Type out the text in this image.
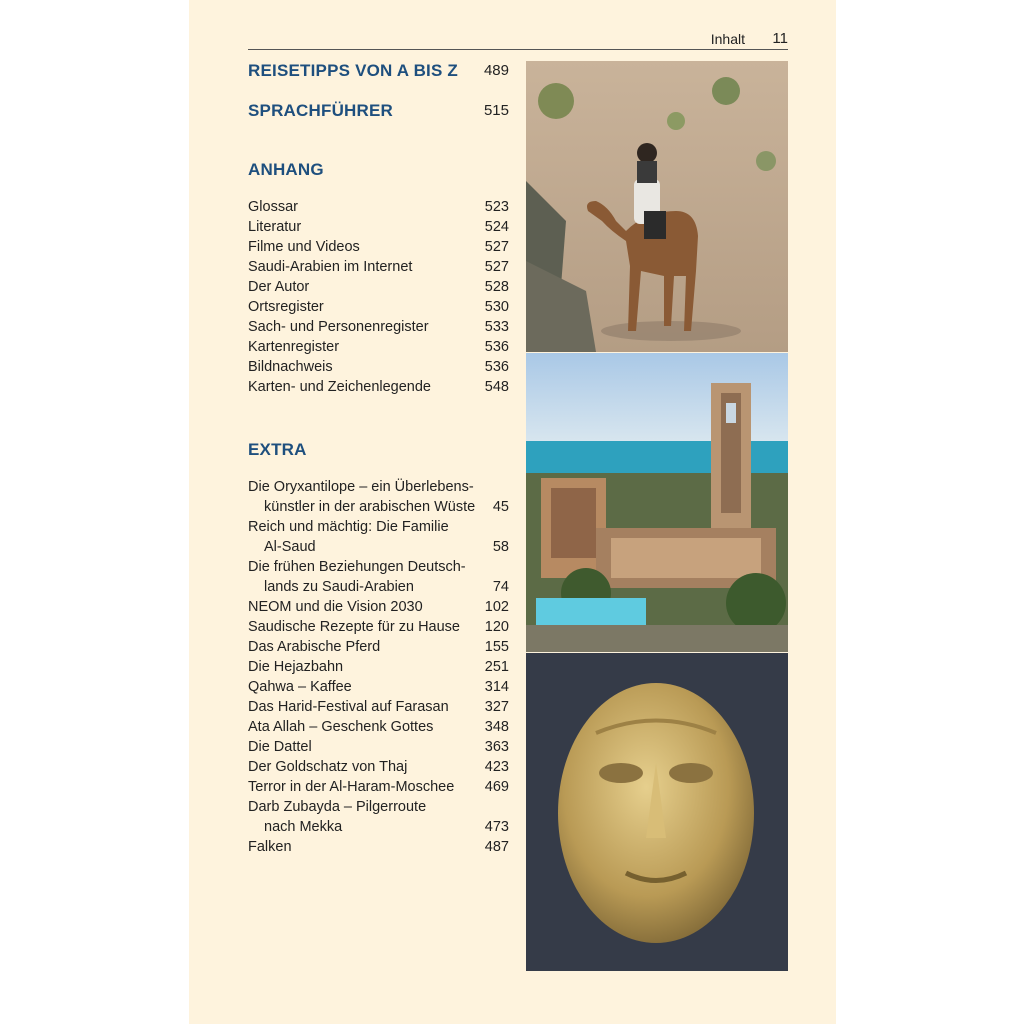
Inhalt 11
REISETIPPS VON A BIS Z 489
SPRACHFÜHRER	515
ANHANG
Glossar	523
Literatur	524
Filme und Videos	527
Saudi-Arabien im Internet	527
Der Autor	528
Ortsregister	530
Sach- und Personenregister	533
Kartenregister	536
Bildnachweis	536
Karten- und Zeichenlegende	548
EXTRA
Die Oryxantilope – ein Überlebens-
künstler in der arabischen Wüste	45
Reich und mächtig: Die Familie
Al-Saud	58
Die frühen Beziehungen Deutsch-
lands zu Saudi-Arabien	74
NEOM und die Vision 2030	102
Saudische Rezepte für zu Hause	120
Das Arabische Pferd	155
Die Hejazbahn	251
Qahwa – Kaffee	314
Das Harid-Festival auf Farasan	327
Ata Allah – Geschenk Gottes	348
Die Dattel	363
Der Goldschatz von Thaj	423
Terror in der Al-Haram-Moschee	469
Darb Zubayda – Pilgerroute
nach Mekka	473
Falken	487
